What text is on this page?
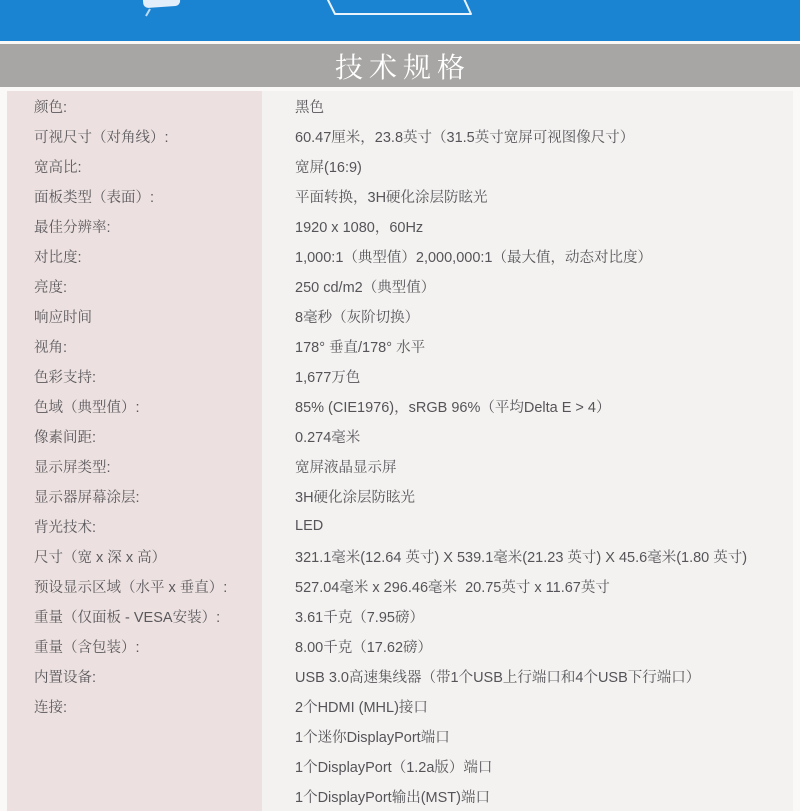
技术规格
颜色:	黑色
可视尺寸（对角线）:	60.47厘米，23.8英寸（31.5英寸宽屏可视图像尺寸）
宽高比:	宽屏(16:9)
面板类型（表面）:	平面转换，3H硬化涂层防眩光
最佳分辨率:	1920 x 1080，60Hz
对比度:	1,000:1（典型值）2,000,000:1（最大值，动态对比度）
亮度:	250 cd/m2（典型值）
响应时间	8毫秒（灰阶切换）
视角:	178° 垂直/178° 水平
色彩支持:	1,677万色
色域（典型值）:	85% (CIE1976)，sRGB 96%（平均Delta E > 4）
像素间距:	0.274毫米
显示屏类型:	宽屏液晶显示屏
显示器屏幕涂层:	3H硬化涂层防眩光
背光技术:	LED
尺寸（宽 x 深 x 高）	321.1毫米(12.64 英寸) X 539.1毫米(21.23 英寸) X 45.6毫米(1.80 英寸)
预设显示区域（水平 x 垂直）:	527.04毫米 x 296.46毫米  20.75英寸 x 11.67英寸
重量（仅面板 - VESA安装）:	3.61千克（7.95磅）
重量（含包装）:	8.00千克（17.62磅）
内置设备:	USB 3.0高速集线器（带1个USB上行端口和4个USB下行端口）
连接:	2个HDMI (MHL)接口
1个迷你DisplayPort端口
1个DisplayPort（1.2a版）端口
1个DisplayPort输出(MST)端口
